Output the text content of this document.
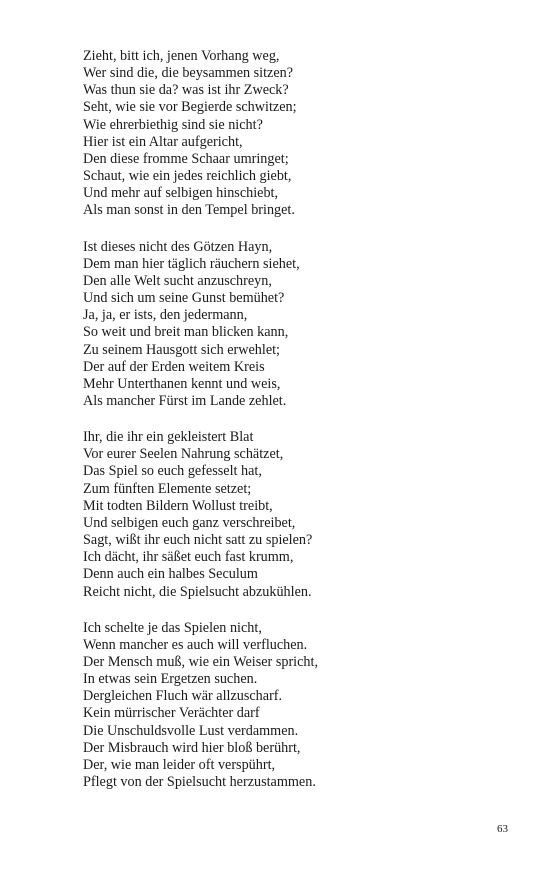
Zieht, bitt ich, jenen Vorhang weg,
Wer sind die, die beysammen sitzen?
Was thun sie da? was ist ihr Zweck?
Seht, wie sie vor Begierde schwitzen;
Wie ehrerbiethig sind sie nicht?
Hier ist ein Altar aufgericht,
Den diese fromme Schaar umringet;
Schaut, wie ein jedes reichlich giebt,
Und mehr auf selbigen hinschiebt,
Als man sonst in den Tempel bringet.
Ist dieses nicht des Götzen Hayn,
Dem man hier täglich räuchern siehet,
Den alle Welt sucht anzuschreyn,
Und sich um seine Gunst bemühet?
Ja, ja, er ists, den jedermann,
So weit und breit man blicken kann,
Zu seinem Hausgott sich erwehlet;
Der auf der Erden weitem Kreis
Mehr Unterthanen kennt und weis,
Als mancher Fürst im Lande zehlet.
Ihr, die ihr ein gekleistert Blat
Vor eurer Seelen Nahrung schätzet,
Das Spiel so euch gefesselt hat,
Zum fünften Elemente setzet;
Mit todten Bildern Wollust treibt,
Und selbigen euch ganz verschreibet,
Sagt, wißt ihr euch nicht satt zu spielen?
Ich dächt, ihr säßet euch fast krumm,
Denn auch ein halbes Seculum
Reicht nicht, die Spielsucht abzukühlen.
Ich schelte je das Spielen nicht,
Wenn mancher es auch will verfluchen.
Der Mensch muß, wie ein Weiser spricht,
In etwas sein Ergetzen suchen.
Dergleichen Fluch wär allzuscharf.
Kein mürrischer Verächter darf
Die Unschuldsvolle Lust verdammen.
Der Misbrauch wird hier bloß berührt,
Der, wie man leider oft verspührt,
Pflegt von der Spielsucht herzustammen.
63
